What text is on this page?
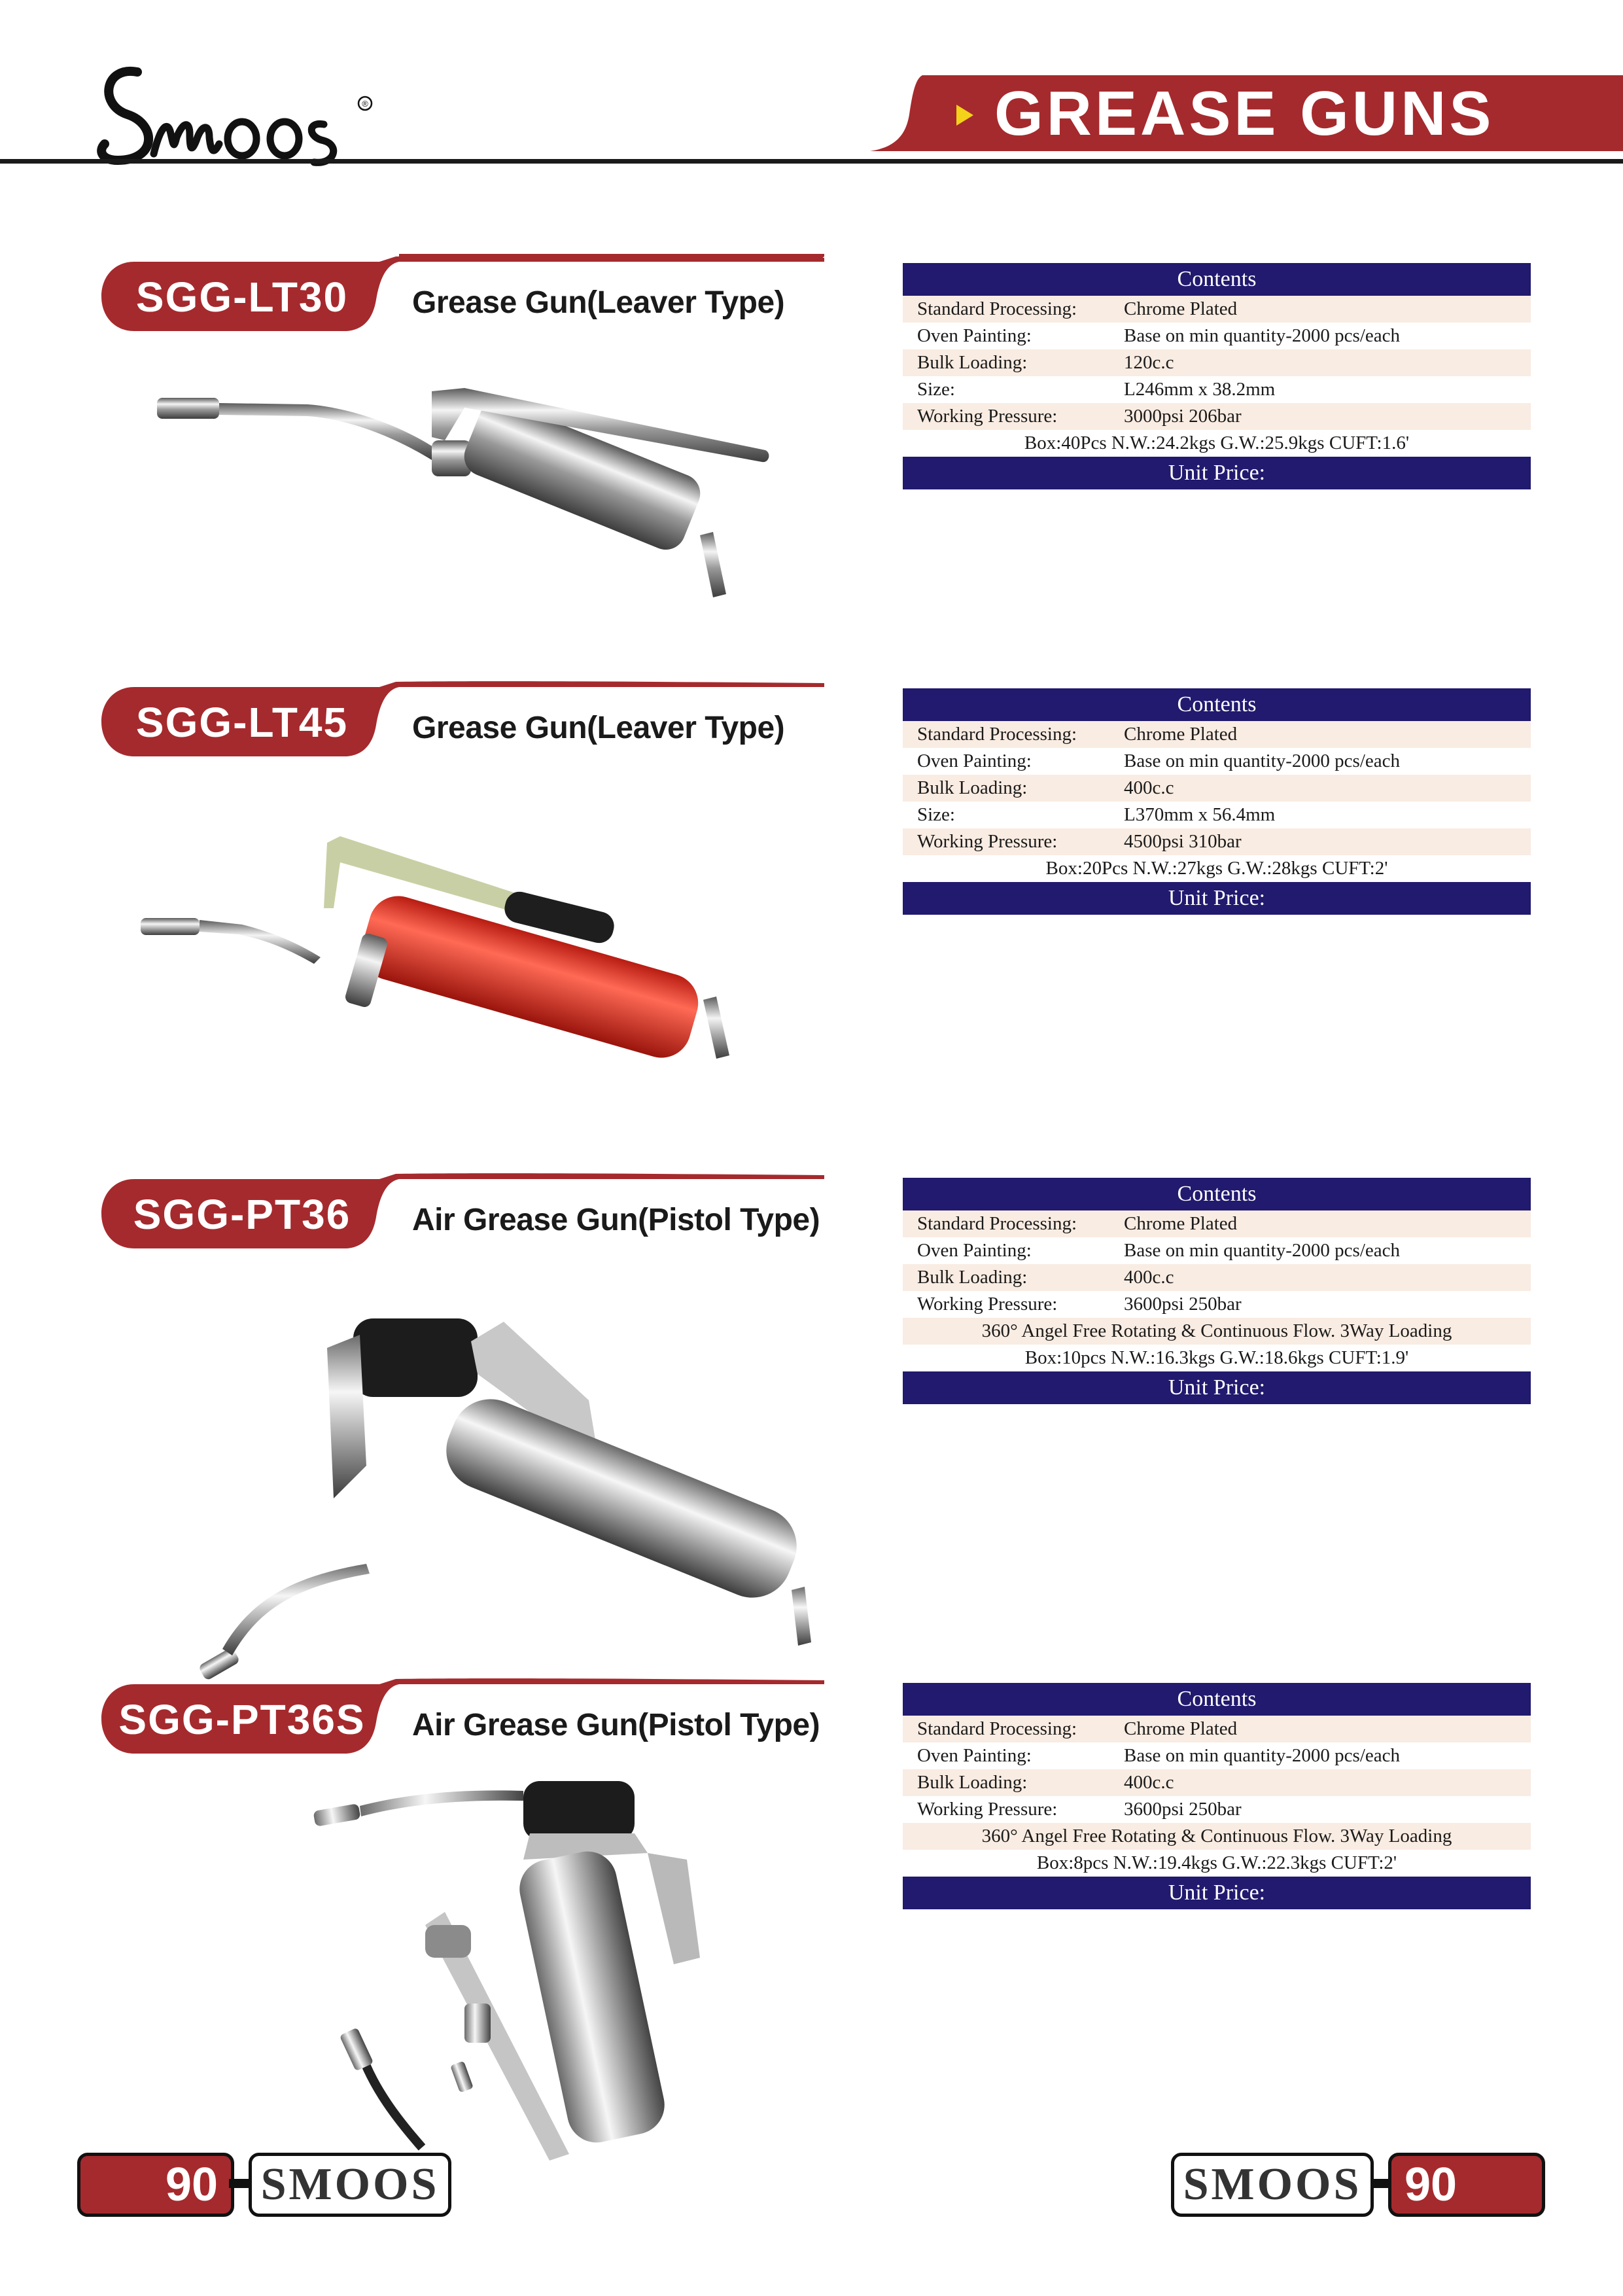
®	GREASE GUNS
SGG-LT30	Grease Gun(Leaver Type)
Contents
Standard Processing:	Chrome Plated
Oven Painting:	Base on min quantity-2000 pcs/each
Bulk Loading:	120c.c
Size:	L246mm x 38.2mm
Working Pressure:	3000psi 206bar
Box:40Pcs N.W.:24.2kgs G.W.:25.9kgs CUFT:1.6'
Unit Price:
SGG-LT45	Grease Gun(Leaver Type)
Contents
Standard Processing:	Chrome Plated
Oven Painting:	Base on min quantity-2000 pcs/each
Bulk Loading:	400c.c
Size:	L370mm x 56.4mm
Working Pressure:	4500psi 310bar
Box:20Pcs N.W.:27kgs G.W.:28kgs CUFT:2'
Unit Price:
SGG-PT36	Air Grease Gun(Pistol Type)
Contents
Standard Processing:	Chrome Plated
Oven Painting:	Base on min quantity-2000 pcs/each
Bulk Loading:	400c.c
Working Pressure:	3600psi 250bar
360° Angel Free Rotating & Continuous Flow. 3Way Loading
Box:10pcs N.W.:16.3kgs G.W.:18.6kgs CUFT:1.9'
Unit Price:
SGG-PT36S	Air Grease Gun(Pistol Type)
Contents
Standard Processing:	Chrome Plated
Oven Painting:	Base on min quantity-2000 pcs/each
Bulk Loading:	400c.c
Working Pressure:	3600psi 250bar
360° Angel Free Rotating & Continuous Flow. 3Way Loading
Box:8pcs N.W.:19.4kgs G.W.:22.3kgs CUFT:2'
Unit Price:
90 SMOOS	SMOOS 90
